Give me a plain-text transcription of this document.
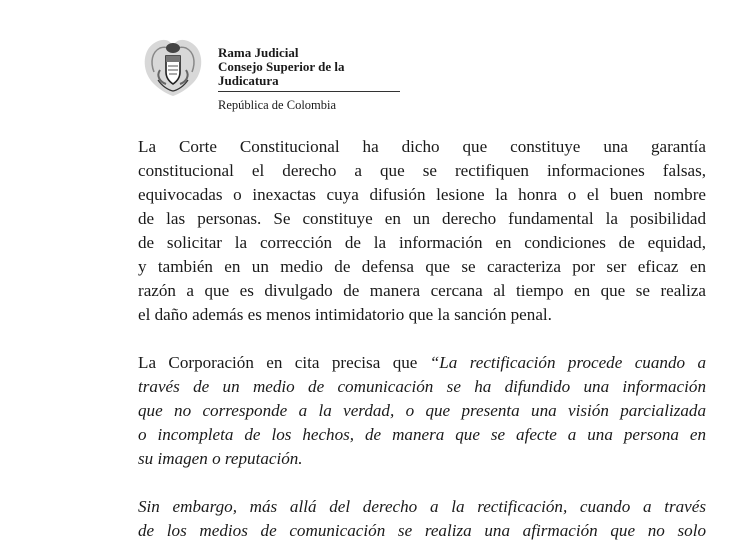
Rama Judicial
Consejo Superior de la Judicatura
República de Colombia
La Corte Constitucional ha dicho que constituye una garantía
constitucional el derecho a que se rectifiquen informaciones falsas,
equivocadas o inexactas cuya difusión lesione la honra o el buen nombre
de las personas. Se constituye en un derecho fundamental la posibilidad
de solicitar la corrección de la información en condiciones de equidad,
y también en un medio de defensa que se caracteriza por ser eficaz en
razón a que es divulgado de manera cercana al tiempo en que se realiza
el daño además es menos intimidatorio que la sanción penal.
La Corporación en cita precisa que “La rectificación procede cuando a
través de un medio de comunicación se ha difundido una información
que no corresponde a la verdad, o que presenta una visión parcializada
o incompleta de los hechos, de manera que se afecte a una persona en
su imagen o reputación.
Sin embargo, más allá del derecho a la rectificación, cuando a través
de los medios de comunicación se realiza una afirmación que no solo
